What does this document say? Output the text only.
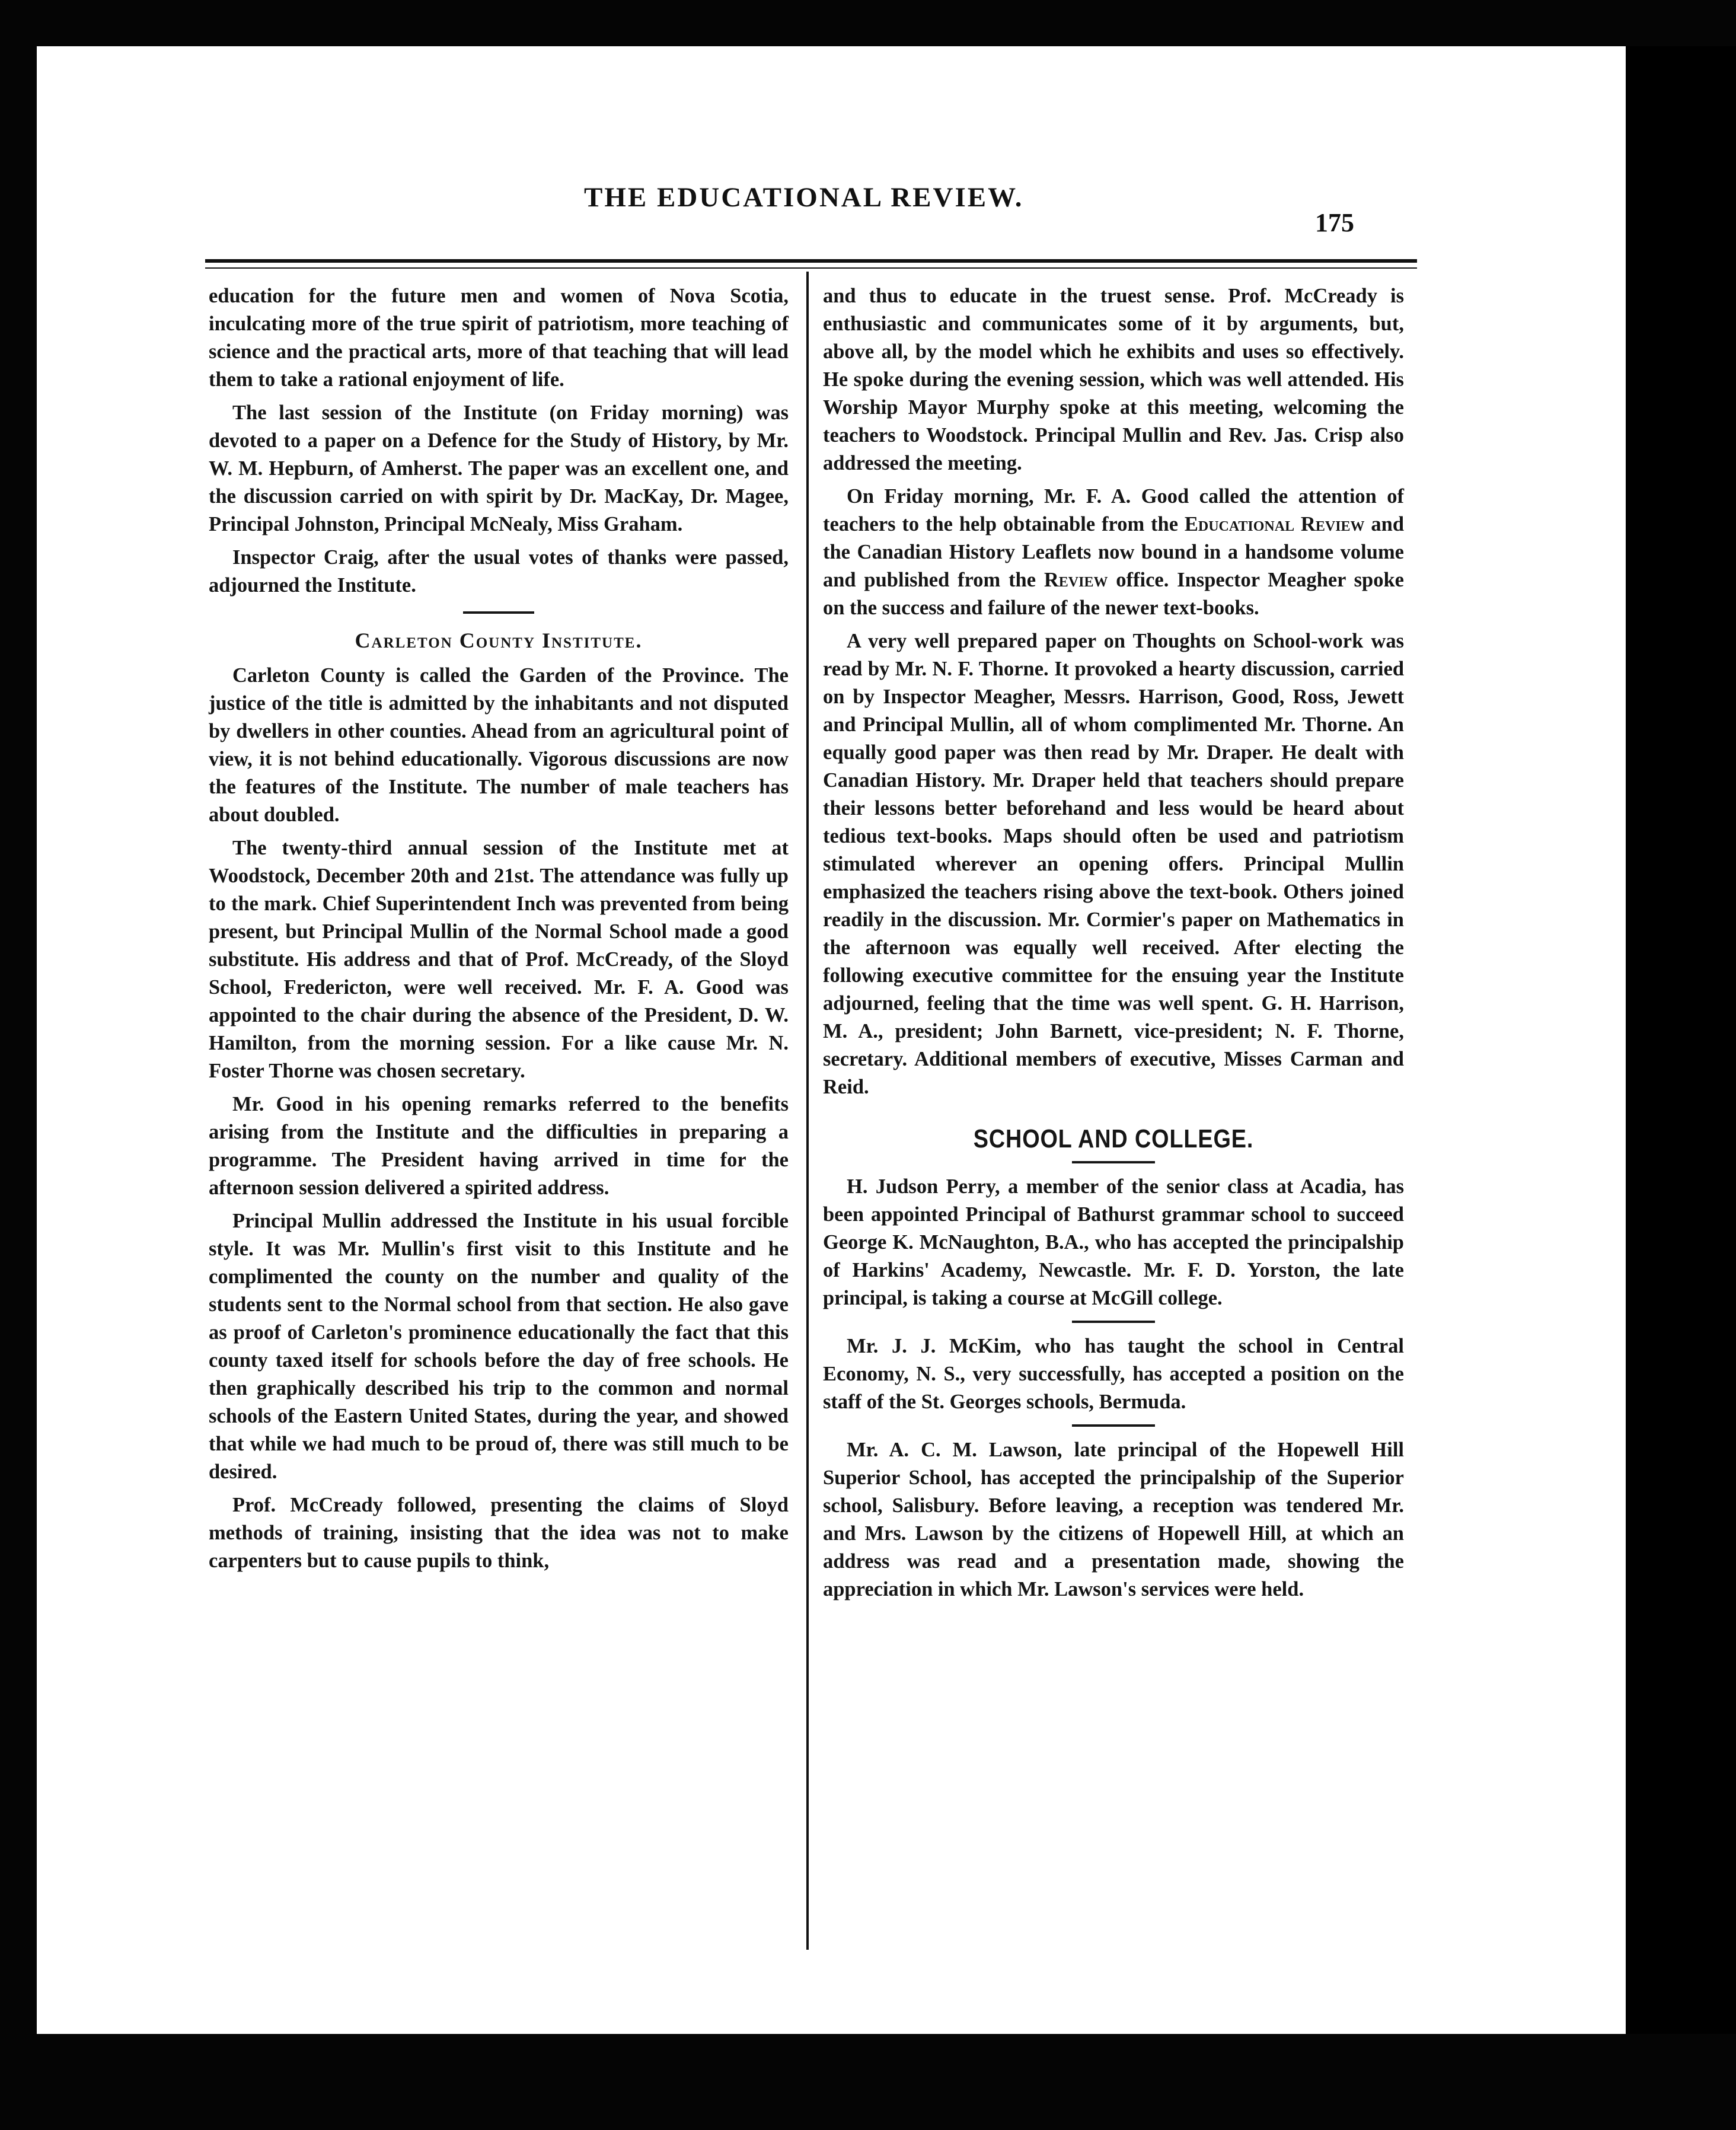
THE EDUCATIONAL REVIEW.
175

education for the future men and women of Nova Scotia, inculcating more of the true spirit of patriotism, more teaching of science and the practical arts, more of that teaching that will lead them to take a rational enjoyment of life.

The last session of the Institute (on Friday morning) was devoted to a paper on a Defence for the Study of History, by Mr. W. M. Hepburn, of Amherst. The paper was an excellent one, and the discussion carried on with spirit by Dr. MacKay, Dr. Magee, Principal Johnston, Principal McNealy, Miss Graham.

Inspector Craig, after the usual votes of thanks were passed, adjourned the Institute.

Carleton County Institute.

Carleton County is called the Garden of the Province. The justice of the title is admitted by the inhabitants and not disputed by dwellers in other counties. Ahead from an agricultural point of view, it is not behind educationally. Vigorous discussions are now the features of the Institute. The number of male teachers has about doubled.

The twenty-third annual session of the Institute met at Woodstock, December 20th and 21st. The attendance was fully up to the mark. Chief Superintendent Inch was prevented from being present, but Principal Mullin of the Normal School made a good substitute. His address and that of Prof. McCready, of the Sloyd School, Fredericton, were well received. Mr. F. A. Good was appointed to the chair during the absence of the President, D. W. Hamilton, from the morning session. For a like cause Mr. N. Foster Thorne was chosen secretary.

Mr. Good in his opening remarks referred to the benefits arising from the Institute and the difficulties in preparing a programme. The President having arrived in time for the afternoon session delivered a spirited address.

Principal Mullin addressed the Institute in his usual forcible style. It was Mr. Mullin's first visit to this Institute and he complimented the county on the number and quality of the students sent to the Normal school from that section. He also gave as proof of Carleton's prominence educationally the fact that this county taxed itself for schools before the day of free schools. He then graphically described his trip to the common and normal schools of the Eastern United States, during the year, and showed that while we had much to be proud of, there was still much to be desired.

Prof. McCready followed, presenting the claims of Sloyd methods of training, insisting that the idea was not to make carpenters but to cause pupils to think,

and thus to educate in the truest sense. Prof. McCready is enthusiastic and communicates some of it by arguments, but, above all, by the model which he exhibits and uses so effectively. He spoke during the evening session, which was well attended. His Worship Mayor Murphy spoke at this meeting, welcoming the teachers to Woodstock. Principal Mullin and Rev. Jas. Crisp also addressed the meeting.

On Friday morning, Mr. F. A. Good called the attention of teachers to the help obtainable from the Educational Review and the Canadian History Leaflets now bound in a handsome volume and published from the Review office. Inspector Meagher spoke on the success and failure of the newer text-books.

A very well prepared paper on Thoughts on School-work was read by Mr. N. F. Thorne. It provoked a hearty discussion, carried on by Inspector Meagher, Messrs. Harrison, Good, Ross, Jewett and Principal Mullin, all of whom complimented Mr. Thorne. An equally good paper was then read by Mr. Draper. He dealt with Canadian History. Mr. Draper held that teachers should prepare their lessons better beforehand and less would be heard about tedious text-books. Maps should often be used and patriotism stimulated wherever an opening offers. Principal Mullin emphasized the teachers rising above the text-book. Others joined readily in the discussion. Mr. Cormier's paper on Mathematics in the afternoon was equally well received. After electing the following executive committee for the ensuing year the Institute adjourned, feeling that the time was well spent. G. H. Harrison, M. A., president; John Barnett, vice-president; N. F. Thorne, secretary. Additional members of executive, Misses Carman and Reid.

SCHOOL AND COLLEGE.

H. Judson Perry, a member of the senior class at Acadia, has been appointed Principal of Bathurst grammar school to succeed George K. McNaughton, B.A., who has accepted the principalship of Harkins' Academy, Newcastle. Mr. F. D. Yorston, the late principal, is taking a course at McGill college.

Mr. J. J. McKim, who has taught the school in Central Economy, N. S., very successfully, has accepted a position on the staff of the St. Georges schools, Bermuda.

Mr. A. C. M. Lawson, late principal of the Hopewell Hill Superior School, has accepted the principalship of the Superior school, Salisbury. Before leaving, a reception was tendered Mr. and Mrs. Lawson by the citizens of Hopewell Hill, at which an address was read and a presentation made, showing the appreciation in which Mr. Lawson's services were held.
